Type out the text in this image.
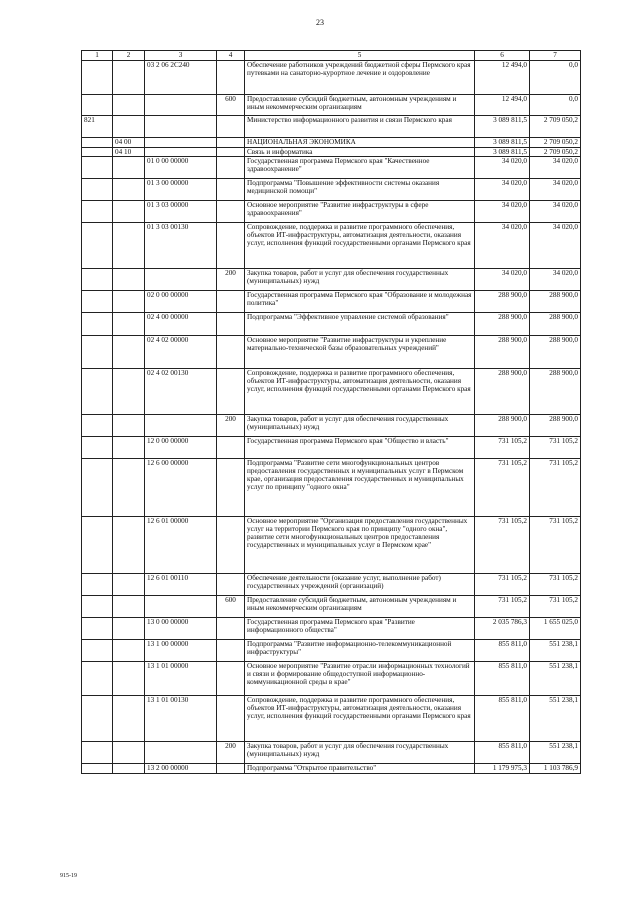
23
1	2	3	4	5	6	7
		03 2 06 2С240		Обеспечение работников учреждений бюджетной сферы Пермского края путевками на санаторно-курортное лечение и оздоровление	12 494,0	0,0
			600	Предоставление субсидий бюджетным, автономным учреждениям и иным некоммерческим организациям	12 494,0	0,0
821				Министерство информационного развития и связи Пермского края	3 089 811,5	2 709 050,2
	04 00			НАЦИОНАЛЬНАЯ ЭКОНОМИКА	3 089 811,5	2 709 050,2
	04 10			Связь и информатика	3 089 811,5	2 709 050,2
		01 0 00 00000		Государственная программа Пермского края "Качественное здравоохранение"	34 020,0	34 020,0
		01 3 00 00000		Подпрограмма "Повышение эффективности системы оказания медицинской помощи"	34 020,0	34 020,0
		01 3 03 00000		Основное мероприятие "Развитие инфраструктуры в сфере здравоохранения"	34 020,0	34 020,0
		01 3 03 00130		Сопровождение, поддержка и развитие программного обеспечения, объектов ИТ-инфраструктуры, автоматизация деятельности, оказания услуг, исполнения функций государственными органами Пермского края	34 020,0	34 020,0
			200	Закупка товаров, работ и услуг для обеспечения государственных (муниципальных) нужд	34 020,0	34 020,0
		02 0 00 00000		Государственная программа Пермского края "Образование и молодежная политика"	288 900,0	288 900,0
		02 4 00 00000		Подпрограмма "Эффективное управление системой образования"	288 900,0	288 900,0
		02 4 02 00000		Основное мероприятие "Развитие инфраструктуры и укрепление материально-технической базы образовательных учреждений"	288 900,0	288 900,0
		02 4 02 00130		Сопровождение, поддержка и развитие программного обеспечения, объектов ИТ-инфраструктуры, автоматизация деятельности, оказания услуг, исполнения функций государственными органами Пермского края	288 900,0	288 900,0
			200	Закупка товаров, работ и услуг для обеспечения государственных (муниципальных) нужд	288 900,0	288 900,0
		12 0 00 00000		Государственная программа Пермского края "Общество и власть"	731 105,2	731 105,2
		12 6 00 00000		Подпрограмма "Развитие сети многофункциональных центров предоставления государственных и муниципальных услуг в Пермском крае, организация предоставления государственных и муниципальных услуг по принципу "одного окна"	731 105,2	731 105,2
		12 6 01 00000		Основное мероприятие "Организация предоставления государственных услуг на территории Пермского края по принципу "одного окна", развитие сети многофункциональных центров предоставления государственных и муниципальных услуг в Пермском крае"	731 105,2	731 105,2
		12 6 01 00110		Обеспечение деятельности (оказание услуг, выполнение работ) государственных учреждений (организаций)	731 105,2	731 105,2
			600	Предоставление субсидий бюджетным, автономным учреждениям и иным некоммерческим организациям	731 105,2	731 105,2
		13 0 00 00000		Государственная программа Пермского края "Развитие информационного общества"	2 035 786,3	1 655 025,0
		13 1 00 00000		Подпрограмма "Развитие информационно-телекоммуникационной инфраструктуры"	855 811,0	551 238,1
		13 1 01 00000		Основное мероприятие "Развитие отрасли информационных технологий и связи и формирование общедоступной информационно-коммуникационной среды в крае"	855 811,0	551 238,1
		13 1 01 00130		Сопровождение, поддержка и развитие программного обеспечения, объектов ИТ-инфраструктуры, автоматизация деятельности, оказания услуг, исполнения функций государственными органами Пермского края	855 811,0	551 238,1
			200	Закупка товаров, работ и услуг для обеспечения государственных (муниципальных) нужд	855 811,0	551 238,1
		13 2 00 00000		Подпрограмма "Открытое правительство"	1 179 975,3	1 103 786,9
915-19
